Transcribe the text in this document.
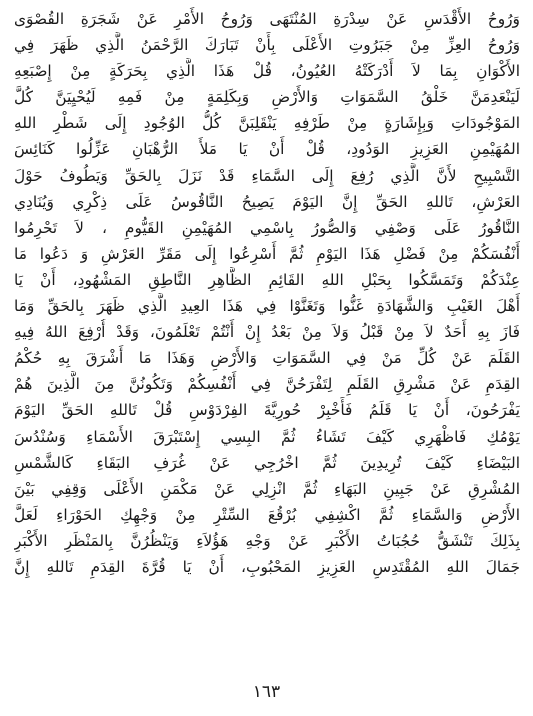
وَرُوحُ الأَقْدَسِ عَنْ سِدْرَةِ المُنْتَهَى وَرُوحُ الأَمْرِ عَنْ شَجَرَةِ القُصْوَى
وَرُوحُ العِزِّ مِنْ جَبَرُوتِ الأَعْلَى بِأَنْ تَبَارَكَ الرَّحْمَنُ الَّذِي ظَهَرَ فِي
الأَكْوَانِ بِمَا لاَ أَدْرَكَتْهُ العُيُونُ، قُلْ هَذَا الَّذِي بِحَرَكَةٍ مِنْ إِصْبَعِهِ
لَيَنْعَدِمَنَّ خَلْقُ السَّمَوَاتِ وَالأَرْضِ وَبِكَلِمَةٍ مِنْ فَمِهِ لَيُحْيِيَنَّ كُلَّ
المَوْجُودَاتِ وَبِإِشَارَةٍ مِنْ طَرْفِهِ يَنْقَلِبَنَّ كُلُّ الوُجُودِ إِلَى شَطْرِ اللهِ
المُهَيْمِنِ العَزِيزِ الوَدُودِ، قُلْ أَنْ يَا مَلأَ الرُّهْبَانِ عَزِّلُوا كَنَائِسَ
التَّسْبِيحِ لأَنَّ الَّذِي رُفِعَ إِلَى السَّمَاءِ قَدْ نَزَلَ بِالحَقِّ وَيَطُوفُ حَوْلَ
العَرْشِ، تَاللهِ الحَقِّ إِنَّ اليَوْمَ يَصِيحُ النَّاقُوسُ عَلَى ذِكْرِي وَيُنَادِي
النَّاقُورُ عَلَى وَصْفِي وَالصُّورُ بِاسْمِي المُهَيْمِنِ القَيُّومِ ، لاَ تَحْرِمُوا
أَنْفُسَكُمْ مِنْ فَضْلِ هَذَا اليَوْمِ ثُمَّ أَسْرِعُوا إِلَى مَقَرِّ العَرْشِ وَ دَعُوا مَا
عِنْدَكُمْ وَتَمَسَّكُوا بِحَبْلِ اللهِ القَائِمِ الظَّاهِرِ النَّاطِقِ المَشْهُودِ، أَنْ يَا
أَهْلَ الغَيْبِ وَالشَّهَادَةِ غَنُّوا وَتَغَنَّوْا فِي هَذَا العِيدِ الَّذِي ظَهَرَ بِالحَقِّ وَمَا
فَازَ بِهِ أَحَدٌ لاَ مِنْ قَبْلُ وَلاَ مِنْ بَعْدُ إِنْ أَنْتُمْ تَعْلَمُونَ، وَقَدْ أُرْفِعَ اللهُ فِيهِ
القَلَمَ عَنْ كُلِّ مَنْ فِي السَّمَوَاتِ وَالأَرْضِ وَهَذَا مَا أَشْرَقَ بِهِ حُكْمُ
القِدَمِ عَنْ مَشْرِقِ القَلَمِ لِتَفْرَحُنَّ فِي أَنْفُسِكُمْ وَتَكُونُنَّ مِنَ الَّذِينَ هُمْ
يَفْرَحُونَ، أَنْ يَا قَلَمُ فَأَخْبِرْ حُورِيَّةَ الفِرْدَوْسِ قُلْ تَاللهِ الحَقِّ اليَوْمَ
يَوْمُكِ فَاظْهَرِي كَيْفَ تَشَاءُ ثُمَّ البِسِي إِسْتَبْرَقَ الأَسْمَاءِ وَسُنْدُسَ
البَيْضَاءِ كَيْفَ تُرِيدِينَ ثُمَّ اخْرُجِي عَنْ غُرَفِ البَقَاءِ كَالشَّمْسِ
المُشْرِقِ عَنْ جَبِينِ البَهَاءِ ثُمَّ انْزِلِي عَنْ مَكْمَنِ الأَعْلَى وَقِفِي بَيْنَ
الأَرْضِ وَالسَّمَاءِ ثُمَّ اكْشِفِي بُرْقُعَ السِّتْرِ مِنْ وَجْهِكِ الحَوْرَاءِ لَعَلَّ
بِذَلِكَ تَنْشَقُّ حُجُبَاتُ الأَكْبَرِ عَنْ وَجْهِ هَؤُلاَءِ وَيَنْظُرُنَّ بِالمَنْظَرِ الأَكْبَرِ
جَمَالَ اللهِ المُقْتَدِسِ العَزِيزِ المَحْبُوبِ، أَنْ يَا قُرَّةَ القِدَمِ تَاللهِ إِنَّ
١٦٣
